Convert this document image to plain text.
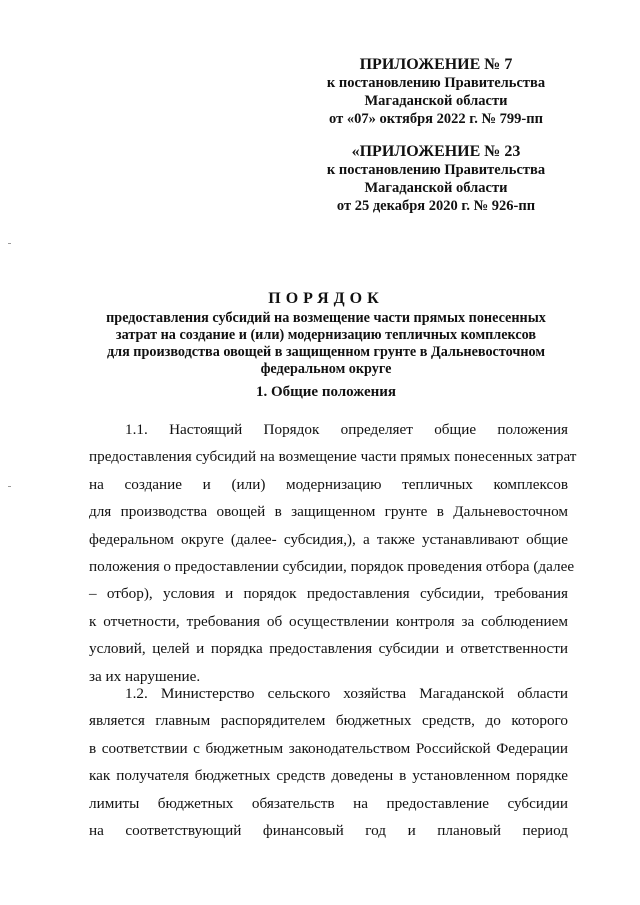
ПРИЛОЖЕНИЕ № 7
к постановлению Правительства
Магаданской области
от «07» октября 2022 г. № 799-пп
«ПРИЛОЖЕНИЕ № 23
к постановлению Правительства
Магаданской области
от 25 декабря 2020 г. № 926-пп
ПОРЯДОК
предоставления субсидий на возмещение части прямых понесенных
затрат на создание и (или) модернизацию тепличных комплексов
для производства овощей в защищенном грунте в Дальневосточном
федеральном округе
1. Общие положения
1.1. Настоящий Порядок определяет общие положения
предоставления субсидий на возмещение части прямых понесенных затрат
на создание и (или) модернизацию тепличных комплексов
для производства овощей в защищенном грунте в Дальневосточном
федеральном округе (далее- субсидия,), а также устанавливают общие
положения о предоставлении субсидии, порядок проведения отбора (далее
– отбор), условия и порядок предоставления субсидии, требования
к отчетности, требования об осуществлении контроля за соблюдением
условий, целей и порядка предоставления субсидии и ответственности
за их нарушение.
1.2. Министерство сельского хозяйства Магаданской области
является главным распорядителем бюджетных средств, до которого
в соответствии с бюджетным законодательством Российской Федерации
как получателя бюджетных средств доведены в установленном порядке
лимиты бюджетных обязательств на предоставление субсидии
на соответствующий финансовый год и плановый период
